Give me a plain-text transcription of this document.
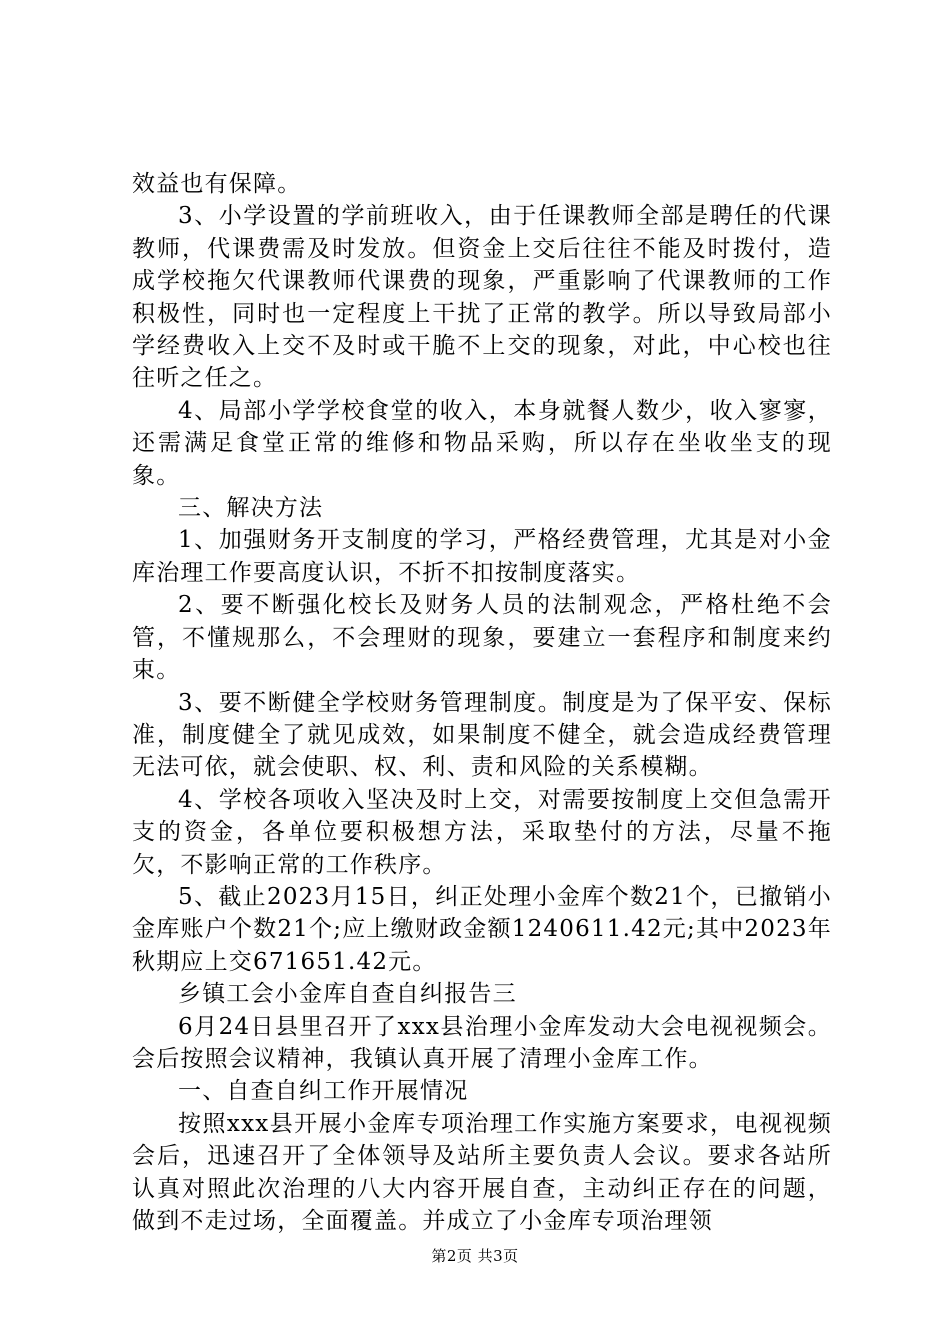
效益也有保障。

3、小学设置的学前班收入，由于任课教师全部是聘任的代课教师，代课费需及时发放。但资金上交后往往不能及时拨付，造成学校拖欠代课教师代课费的现象，严重影响了代课教师的工作积极性，同时也一定程度上干扰了正常的教学。所以导致局部小学经费收入上交不及时或干脆不上交的现象，对此，中心校也往往听之任之。

4、局部小学学校食堂的收入，本身就餐人数少，收入寥寥，还需满足食堂正常的维修和物品采购，所以存在坐收坐支的现象。

三、解决方法

1、加强财务开支制度的学习，严格经费管理，尤其是对小金库治理工作要高度认识，不折不扣按制度落实。

2、要不断强化校长及财务人员的法制观念，严格杜绝不会管，不懂规那么，不会理财的现象，要建立一套程序和制度来约束。

3、要不断健全学校财务管理制度。制度是为了保平安、保标准，制度健全了就见成效，如果制度不健全，就会造成经费管理无法可依，就会使职、权、利、责和风险的关系模糊。

4、学校各项收入坚决及时上交，对需要按制度上交但急需开支的资金，各单位要积极想方法，采取垫付的方法，尽量不拖欠，不影响正常的工作秩序。

5、截止2023月15日，纠正处理小金库个数21个，已撤销小金库账户个数21个;应上缴财政金额1240611.42元;其中2023年秋期应上交671651.42元。

乡镇工会小金库自查自纠报告三

6月24日县里召开了xxx县治理小金库发动大会电视视频会。会后按照会议精神，我镇认真开展了清理小金库工作。

一、自查自纠工作开展情况

按照xxx县开展小金库专项治理工作实施方案要求，电视视频会后，迅速召开了全体领导及站所主要负责人会议。要求各站所认真对照此次治理的八大内容开展自查，主动纠正存在的问题，做到不走过场，全面覆盖。并成立了小金库专项治理领

第2页 共3页
